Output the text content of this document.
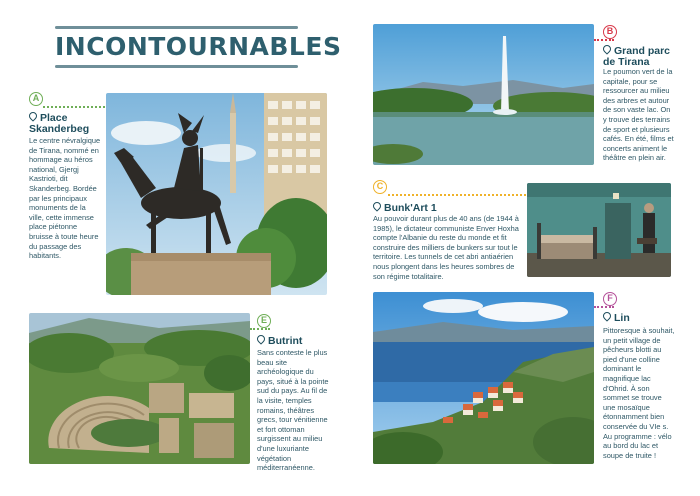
INCONTOURNABLES
A
Place
Skanderbeg
Le centre névralgique de Tirana, nommé en hommage au héros national, Gjergj Kastrioti, dit Skanderbeg. Bordée par les principaux monuments de la ville, cette immense place piétonne bruisse à toute heure du passage des habitants.
E
Butrint
Sans conteste le plus beau site archéologique du pays, situé à la pointe sud du pays. Au fil de la visite, temples romains, théâtres grecs, tour vénitienne et fort ottoman surgissent au milieu d'une luxuriante végétation méditerranéenne.
B
Grand parc
de Tirana
Le poumon vert de la capitale, pour se ressourcer au milieu des arbres et autour de son vaste lac. On y trouve des terrains de sport et plusieurs cafés. En été, films et concerts animent le théâtre en plein air.
C
Bunk'Art 1
Au pouvoir durant plus de 40 ans (de 1944 à 1985), le dictateur communiste Enver Hoxha compte l'Albanie du reste du monde et fit construire des milliers de bunkers sur tout le territoire. Les tunnels de cet abri antiaérien nous plongent dans les heures sombres de son régime totalitaire.
F
Lin
Pittoresque à souhait, un petit village de pêcheurs blotti au pied d'une colline dominant le magnifique lac d'Ohrid. À son sommet se trouve une mosaïque étonnamment bien conservée du VIe s. Au programme : vélo au bord du lac et soupe de truite !
